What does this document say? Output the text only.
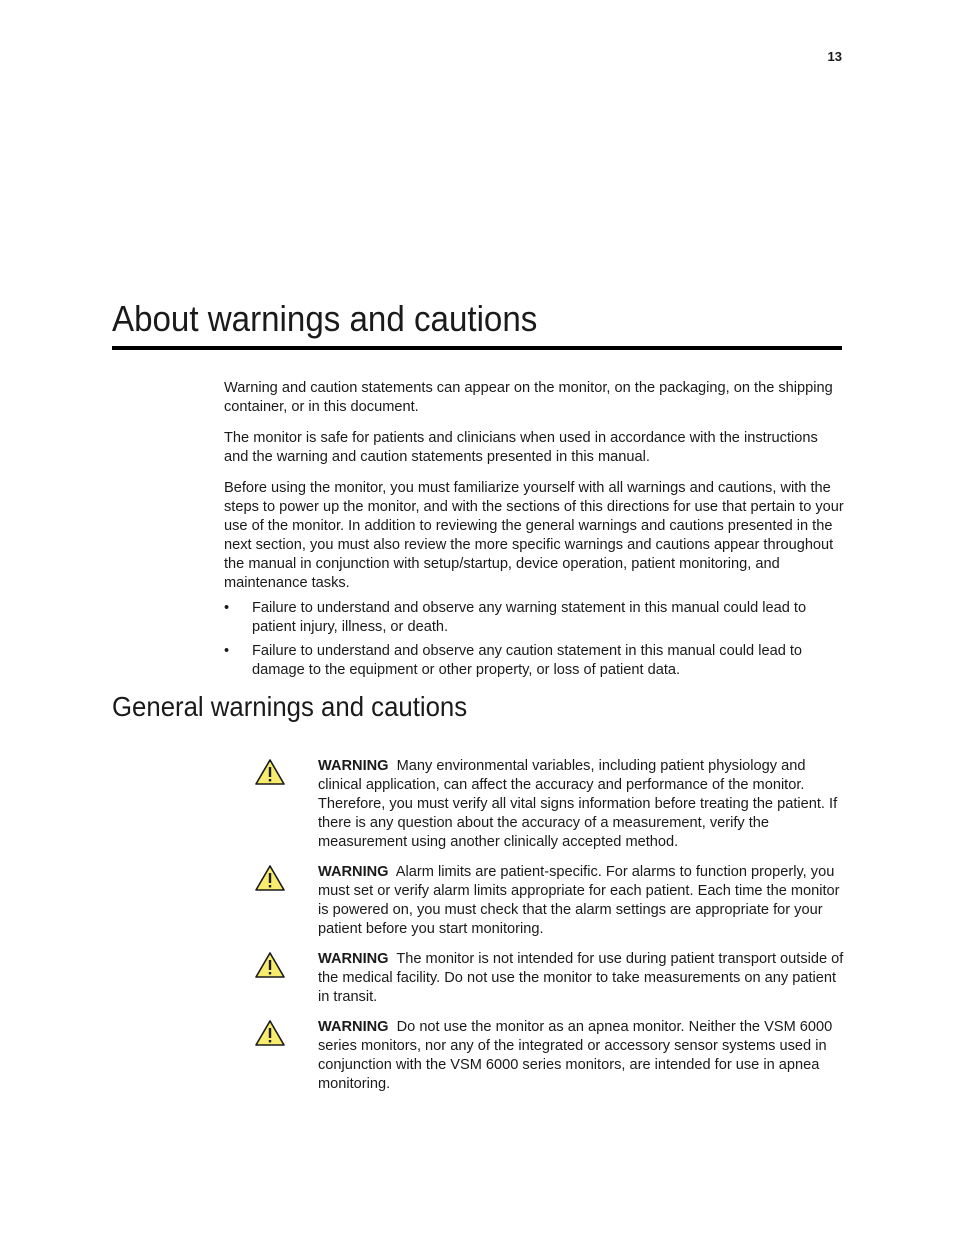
13
About warnings and cautions

Warning and caution statements can appear on the monitor, on the packaging, on the shipping container, or in this document.

The monitor is safe for patients and clinicians when used in accordance with the instructions and the warning and caution statements presented in this manual.

Before using the monitor, you must familiarize yourself with all warnings and cautions, with the steps to power up the monitor, and with the sections of this directions for use that pertain to your use of the monitor. In addition to reviewing the general warnings and cautions presented in the next section, you must also review the more specific warnings and cautions appear throughout the manual in conjunction with setup/startup, device operation, patient monitoring, and maintenance tasks.

• Failure to understand and observe any warning statement in this manual could lead to patient injury, illness, or death.
• Failure to understand and observe any caution statement in this manual could lead to damage to the equipment or other property, or loss of patient data.
General warnings and cautions
WARNING Many environmental variables, including patient physiology and clinical application, can affect the accuracy and performance of the monitor. Therefore, you must verify all vital signs information before treating the patient. If there is any question about the accuracy of a measurement, verify the measurement using another clinically accepted method.
WARNING Alarm limits are patient-specific. For alarms to function properly, you must set or verify alarm limits appropriate for each patient. Each time the monitor is powered on, you must check that the alarm settings are appropriate for your patient before you start monitoring.
WARNING The monitor is not intended for use during patient transport outside of the medical facility. Do not use the monitor to take measurements on any patient in transit.
WARNING Do not use the monitor as an apnea monitor. Neither the VSM 6000 series monitors, nor any of the integrated or accessory sensor systems used in conjunction with the VSM 6000 series monitors, are intended for use in apnea monitoring.
